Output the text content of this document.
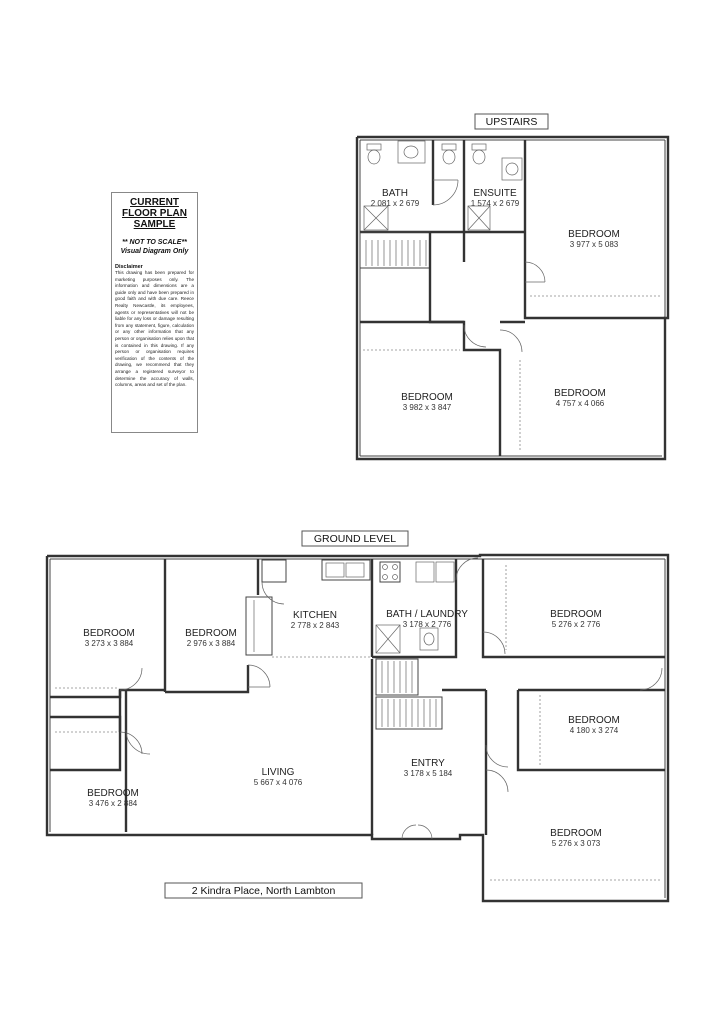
UPSTAIRS
BATH
2 081 x 2 679
ENSUITE
1 574 x 2 679
BEDROOM
3 977 x 5 083
BEDROOM
3 982 x 3 847
BEDROOM
4 757 x 4 066
GROUND LEVEL
BEDROOM
3 273 x 3 884
BEDROOM
2 976 x 3 884
KITCHEN
2 778 x 2 843
BATH / LAUNDRY
3 178 x 2 776
BEDROOM
5 276 x 2 776
BEDROOM
4 180 x 3 274
BEDROOM
3 476 x 2 884
LIVING
5 667 x 4 076
ENTRY
3 178 x 5 184
BEDROOM
5 276 x 3 073
2 Kindra Place, North Lambton
CURRENT
FLOOR PLAN
SAMPLE
** NOT TO SCALE**
Visual Diagram Only
Disclaimer
This drawing has been prepared for marketing purposes only. The information and dimensions are a guide only and have been prepared in good faith and with due care. Reece Realty Newcastle, its employees, agents or representatives will not be liable for any loss or damage resulting from any statement, figure, calculation or any other information that any person or organisation relies upon that is contained in this drawing. If any person or organisation requires verification of the contents of the drawing, we recommend that they arrange a registered surveyor to determine the accuracy of walls, columns, areas and set of the plan.
